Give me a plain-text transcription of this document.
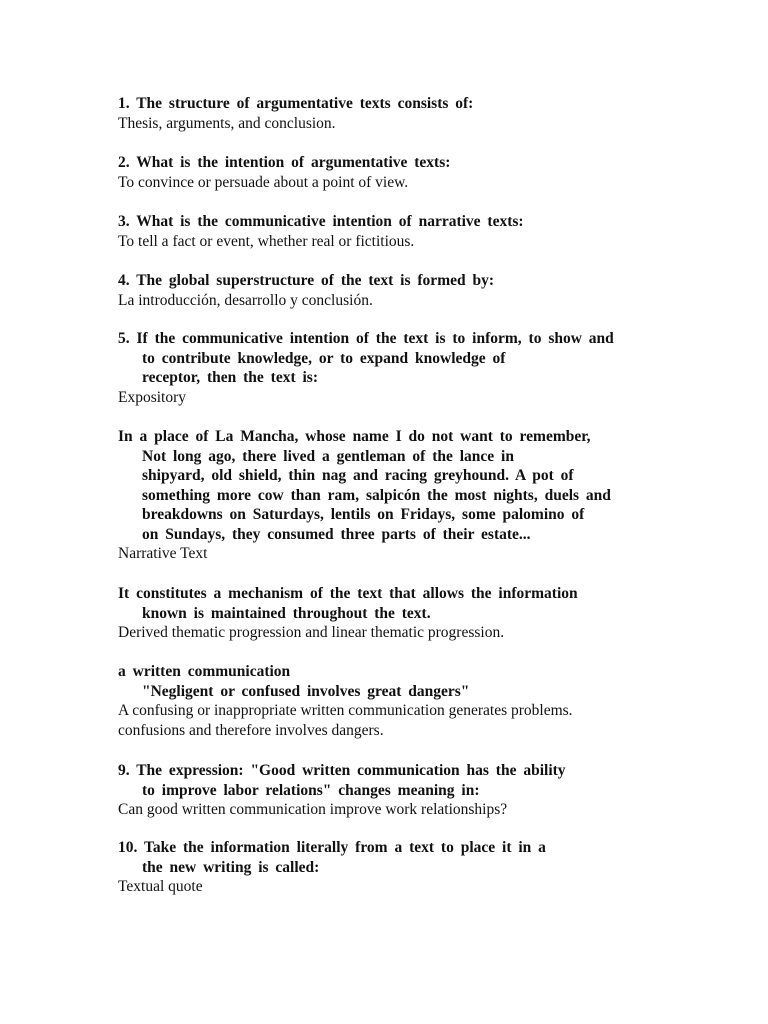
1. The structure of argumentative texts consists of:
Thesis, arguments, and conclusion.
2. What is the intention of argumentative texts:
To convince or persuade about a point of view.
3. What is the communicative intention of narrative texts:
To tell a fact or event, whether real or fictitious.
4. The global superstructure of the text is formed by:
La introducción, desarrollo y conclusión.
5. If the communicative intention of the text is to inform, to show and
to contribute knowledge, or to expand knowledge of
receptor, then the text is:
Expository
In a place of La Mancha, whose name I do not want to remember,
Not long ago, there lived a gentleman of the lance in
shipyard, old shield, thin nag and racing greyhound. A pot of
something more cow than ram, salpicón the most nights, duels and
breakdowns on Saturdays, lentils on Fridays, some palomino of
on Sundays, they consumed three parts of their estate...
Narrative Text
It constitutes a mechanism of the text that allows the information
known is maintained throughout the text.
Derived thematic progression and linear thematic progression.
a written communication
"Negligent or confused involves great dangers"
A confusing or inappropriate written communication generates problems.
confusions and therefore involves dangers.
9. The expression: "Good written communication has the ability
to improve labor relations" changes meaning in:
Can good written communication improve work relationships?
10. Take the information literally from a text to place it in a
the new writing is called:
Textual quote
